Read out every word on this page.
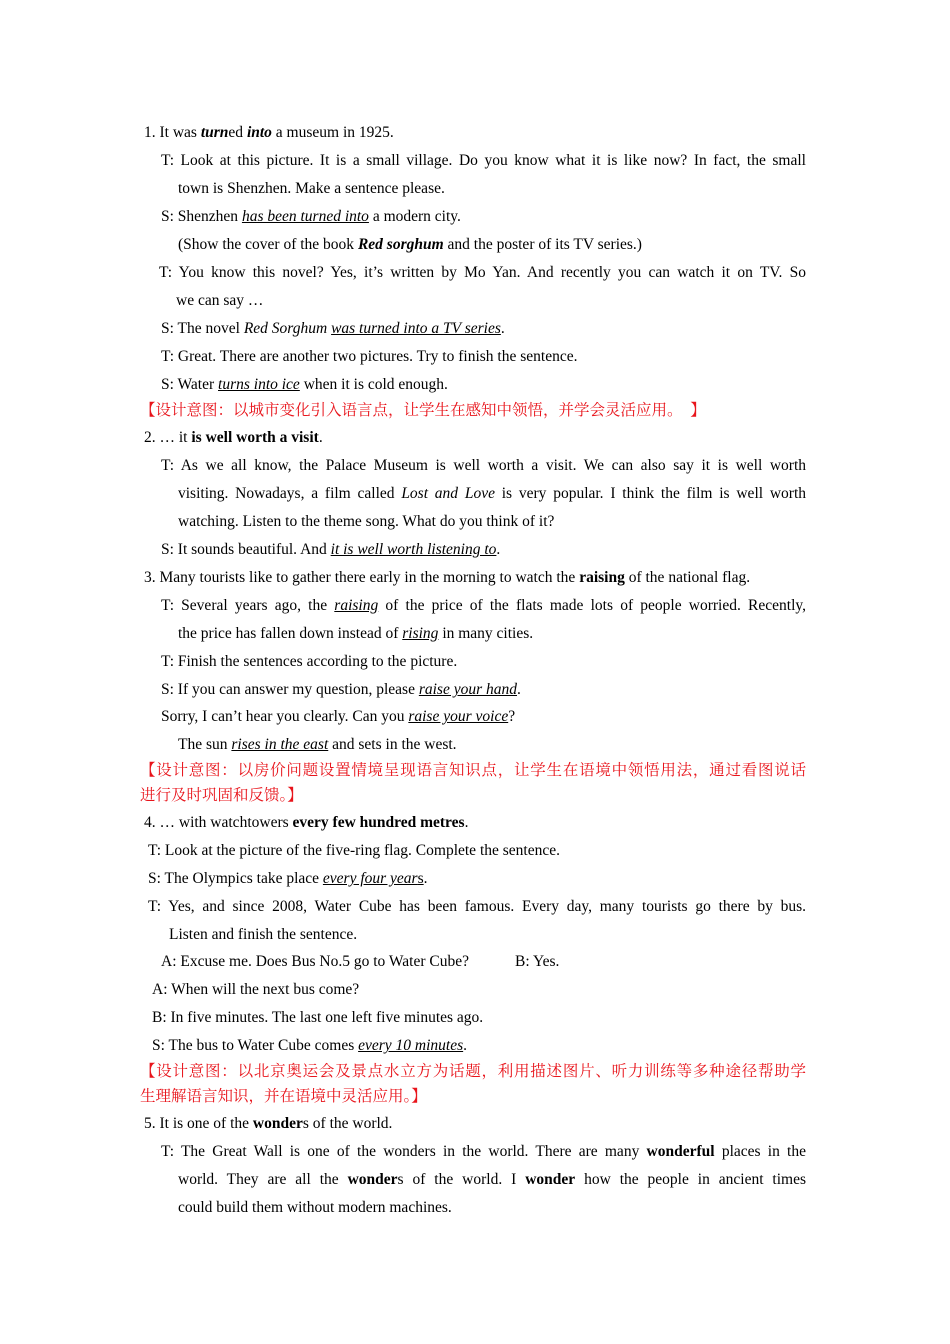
1. It was turned into a museum in 1925.
T: Look at this picture. It is a small village. Do you know what it is like now? In fact, the small
town is Shenzhen. Make a sentence please.
S: Shenzhen has been turned into a modern city.
(Show the cover of the book Red sorghum and the poster of its TV series.)
T: You know this novel? Yes, it’s written by Mo Yan. And recently you can watch it on TV. So
we can say …
S: The novel Red Sorghum was turned into a TV series.
T: Great. There are another two pictures. Try to finish the sentence.
S: Water turns into ice when it is cold enough.
【设计意图：以城市变化引入语言点，让学生在感知中领悟，并学会灵活应用。　】
2. … it is well worth a visit.
T: As we all know, the Palace Museum is well worth a visit. We can also say it is well worth
visiting. Nowadays, a film called Lost and Love is very popular. I think the film is well worth
watching. Listen to the theme song. What do you think of it?
S: It sounds beautiful. And it is well worth listening to.
3. Many tourists like to gather there early in the morning to watch the raising of the national flag.
T: Several years ago, the raising of the price of the flats made lots of people worried. Recently,
the price has fallen down instead of rising in many cities.
T: Finish the sentences according to the picture.
S: If you can answer my question, please raise your hand.
Sorry, I can’t hear you clearly. Can you raise your voice?
The sun rises in the east and sets in the west.
【设计意图：以房价问题设置情境呈现语言知识点，让学生在语境中领悟用法，通过看图说话
进行及时巩固和反馈。】
4. … with watchtowers every few hundred metres.
T: Look at the picture of the five-ring flag. Complete the sentence.
S: The Olympics take place every four years.
T: Yes, and since 2008, Water Cube has been famous. Every day, many tourists go there by bus.
Listen and finish the sentence.
A: Excuse me. Does Bus No.5 go to Water Cube?	B: Yes.
A: When will the next bus come?
B: In five minutes. The last one left five minutes ago.
S: The bus to Water Cube comes every 10 minutes.
【设计意图：以北京奥运会及景点水立方为话题，利用描述图片、听力训练等多种途径帮助学
生理解语言知识，并在语境中灵活应用。】
5. It is one of the wonders of the world.
T: The Great Wall is one of the wonders in the world. There are many wonderful places in the
world. They are all the wonders of the world. I wonder how the people in ancient times
could build them without modern machines.
